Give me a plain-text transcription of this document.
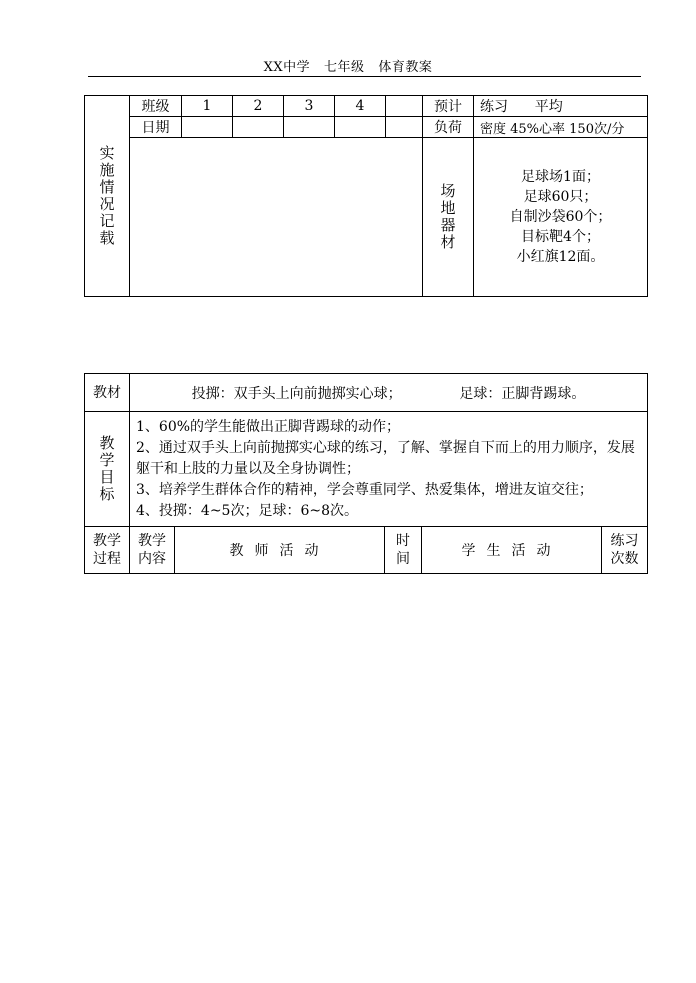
XX中学   七年级   体育教案
实施情况记载	班级	1	2	3	4		预计	练习      平均
	日期						负荷	密度 45%心率 150次/分

							场地器材	足球场1面；
足球60只；
自制沙袋60个；
目标靶4个；
小红旗12面。
教材	投掷：双手头上向前抛掷实心球；             足球：正脚背踢球。				

教学目标	1、60%的学生能做出正脚背踢球的动作；
2、通过双手头上向前抛掷实心球的练习，了解、掌握自下而上的用力顺序，发展躯干和上肢的力量以及全身协调性；
3、培养学生群体合作的精神，学会尊重同学、热爱集体，增进友谊交往；
4、投掷：4~5次；足球：6~8次。				

教学过程	教学内容	教师活动	时间	学生活动	练习次数
